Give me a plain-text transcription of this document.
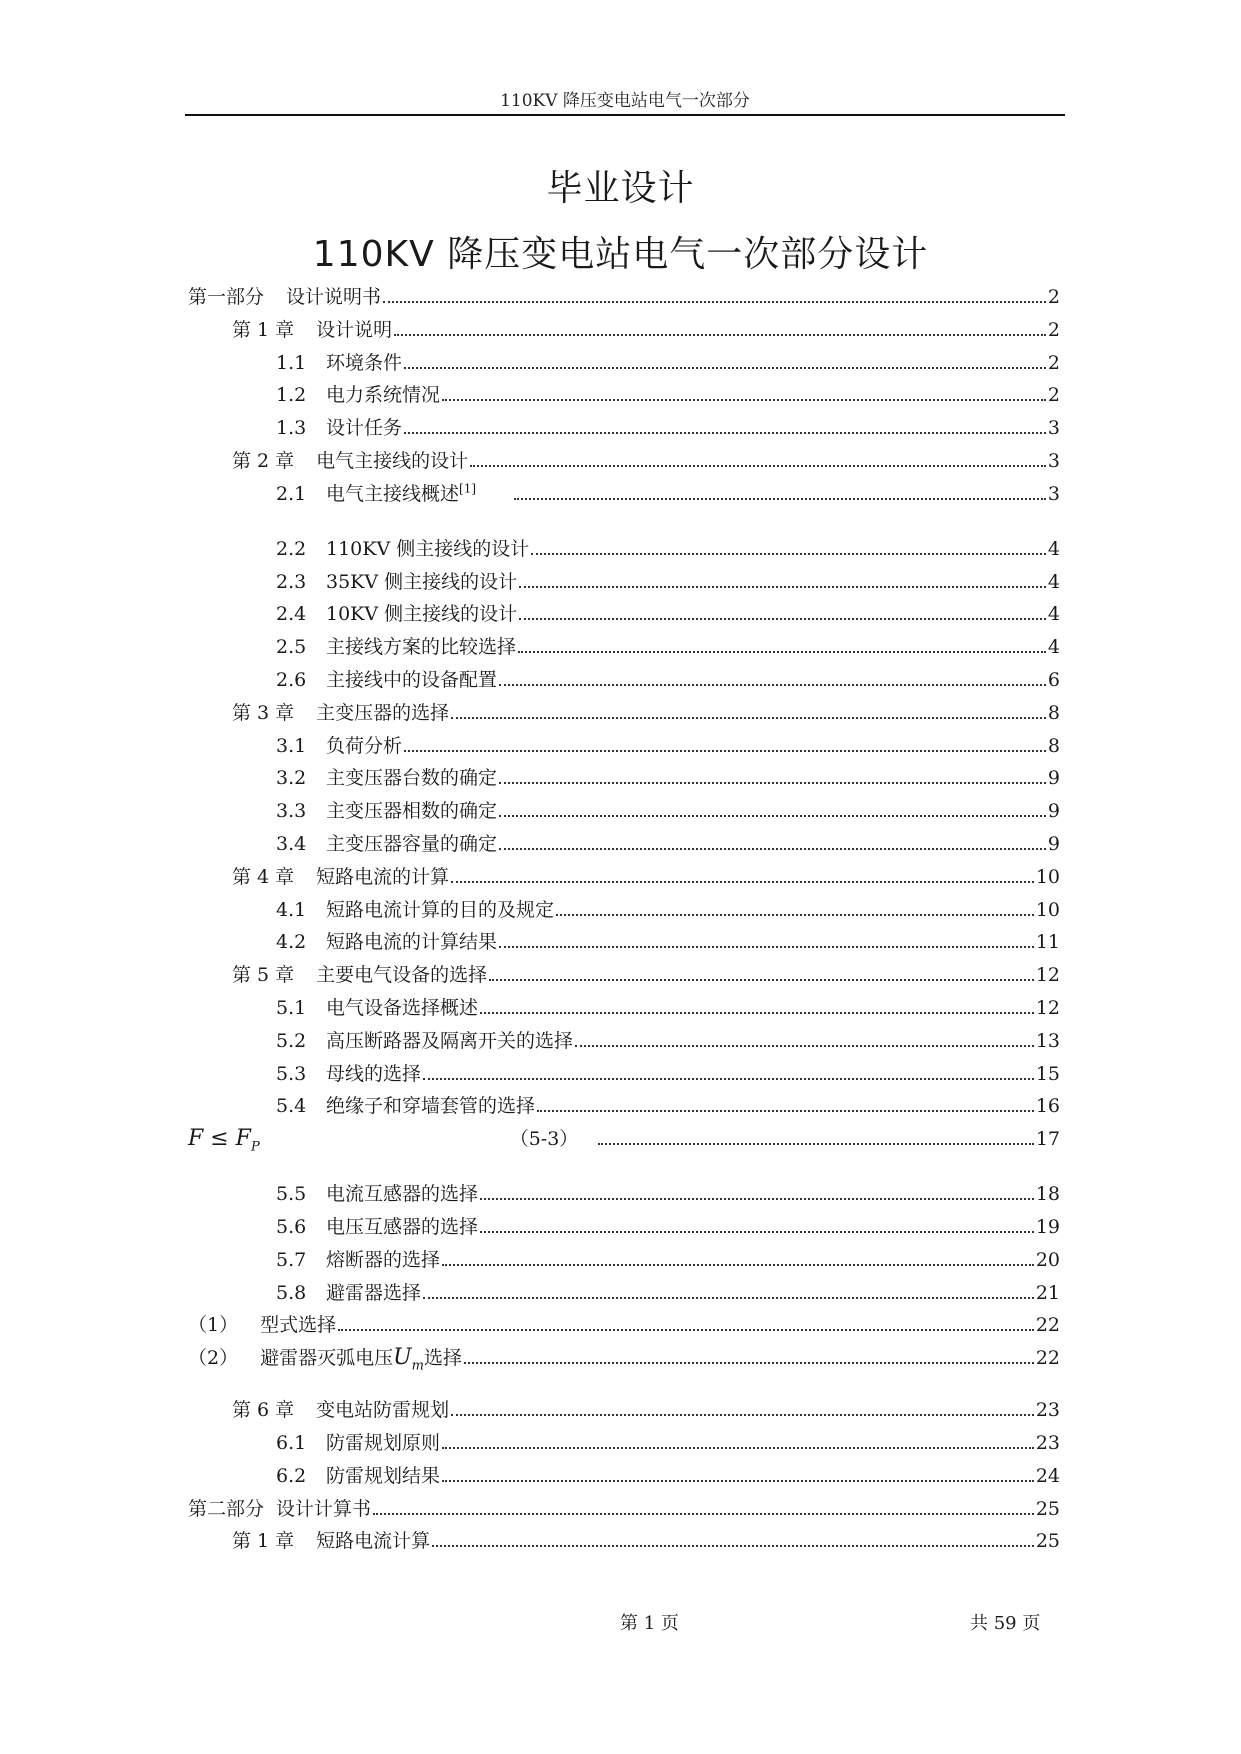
110KV 降压变电站电气一次部分
毕业设计
110KV 降压变电站电气一次部分设计
第一部分 设计说明书	2
第 1 章 设计说明	2
1.1 环境条件	2
1.2 电力系统情况	2
1.3 设计任务	3
第 2 章 电气主接线的设计	3
2.1 电气主接线概述[1]	3
2.2 110KV 侧主接线的设计	4
2.3 35KV 侧主接线的设计	4
2.4 10KV 侧主接线的设计	4
2.5 主接线方案的比较选择	4
2.6 主接线中的设备配置	6
第 3 章 主变压器的选择	8
3.1 负荷分析	8
3.2 主变压器台数的确定	9
3.3 主变压器相数的确定	9
3.4 主变压器容量的确定	9
第 4 章 短路电流的计算	10
4.1 短路电流计算的目的及规定	10
4.2 短路电流的计算结果	11
第 5 章 主要电气设备的选择	12
5.1 电气设备选择概述	12
5.2 高压断路器及隔离开关的选择	13
5.3 母线的选择	15
5.4 绝缘子和穿墙套管的选择	16
$F \le F_P$	（5-3）	17
5.5 电流互感器的选择	18
5.6 电压互感器的选择	19
5.7 熔断器的选择	20
5.8 避雷器选择	21
（1） 型式选择	22
（2） 避雷器灭弧电压$U_m$选择	22
第 6 章 变电站防雷规划	23
6.1 防雷规划原则	23
6.2 防雷规划结果	24
第二部分 设计计算书	25
第 1 章 短路电流计算	25
第 1 页	共 59 页
